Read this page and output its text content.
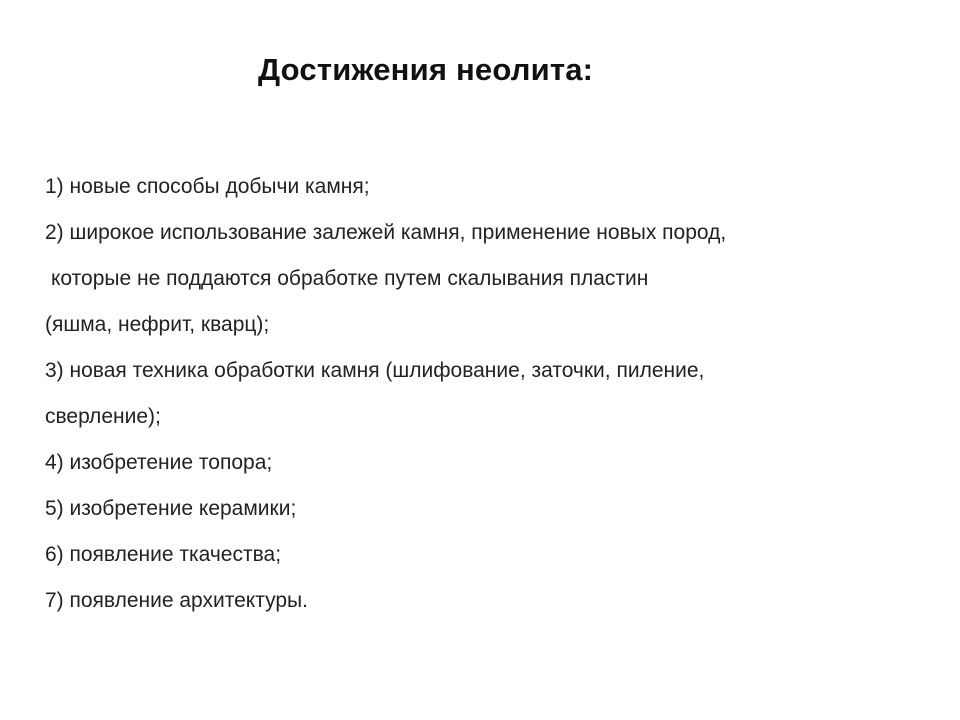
Достижения неолита:
1) новые способы добычи камня;
2) широкое использование залежей камня, применение новых пород,
которые не поддаются обработке путем скалывания пластин
(яшма, нефрит, кварц);
3) новая техника обработки камня (шлифование, заточки, пиление,
сверление);
4) изобретение топора;
5) изобретение керамики;
6) появление ткачества;
7) появление архитектуры.
